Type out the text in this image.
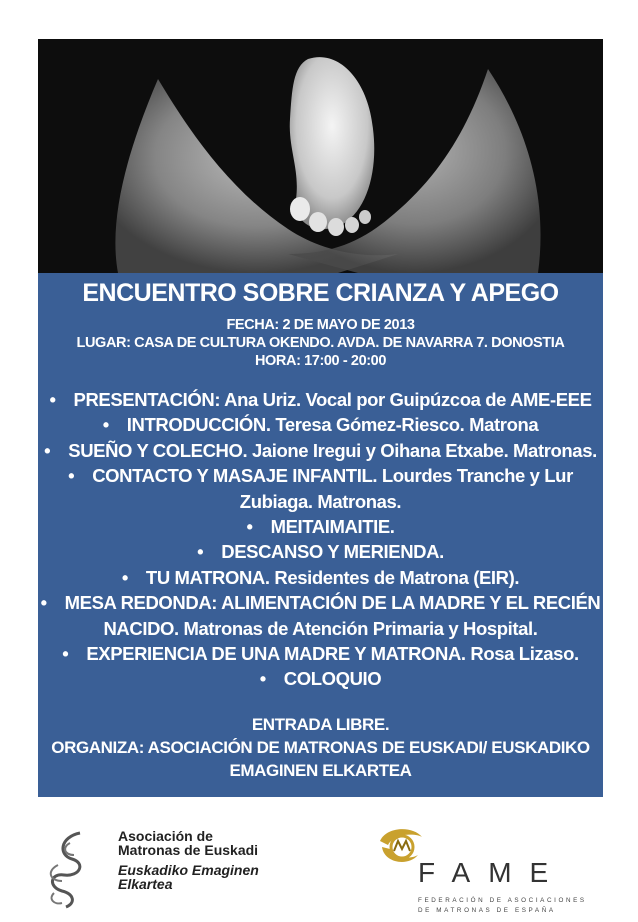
ENCUENTRO SOBRE CRIANZA Y APEGO
FECHA: 2 DE MAYO DE 2013
LUGAR: CASA DE CULTURA OKENDO. AVDA. DE NAVARRA 7. DONOSTIA
HORA: 17:00 - 20:00
• PRESENTACIÓN: Ana Uriz. Vocal por Guipúzcoa de AME-EEE
• INTRODUCCIÓN. Teresa Gómez-Riesco. Matrona
• SUEÑO Y COLECHO. Jaione Iregui y Oihana Etxabe. Matronas.
• CONTACTO Y MASAJE INFANTIL. Lourdes Tranche y Lur
Zubiaga. Matronas.
• MEITAIMAITIE.
• DESCANSO Y MERIENDA.
• TU MATRONA. Residentes de Matrona (EIR).
• MESA REDONDA: ALIMENTACIÓN DE LA MADRE Y EL RECIÉN
NACIDO. Matronas de Atención Primaria y Hospital.
• EXPERIENCIA DE UNA MADRE Y MATRONA. Rosa Lizaso.
• COLOQUIO
ENTRADA LIBRE.
ORGANIZA: ASOCIACIÓN DE MATRONAS DE EUSKADI/ EUSKADIKO
EMAGINEN ELKARTEA
Asociación de
Matronas de Euskadi
Euskadiko Emaginen
Elkartea	FAME
FEDERACIÓN DE ASOCIACIONES
DE MATRONAS DE ESPAÑA
